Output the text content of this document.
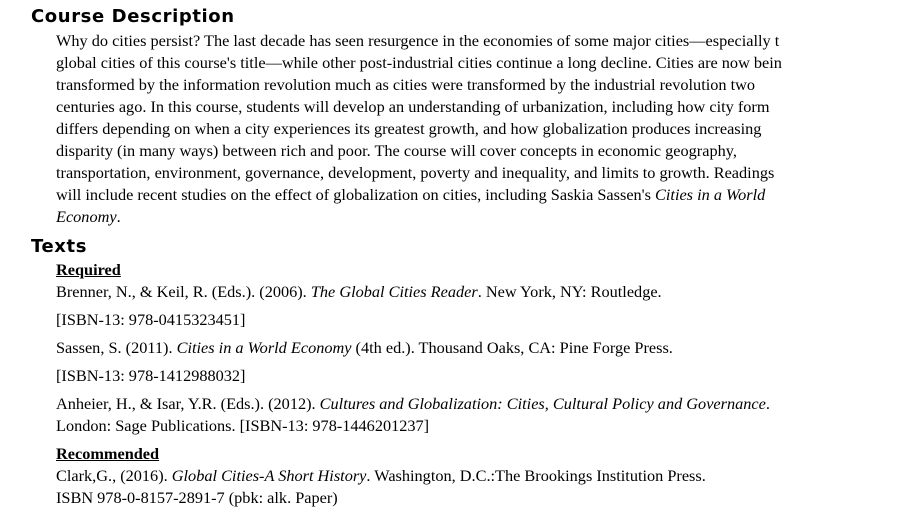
Course Description

Why do cities persist? The last decade has seen resurgence in the economies of some major cities—especially t
global cities of this course's title—while other post-industrial cities continue a long decline. Cities are now bein
transformed by the information revolution much as cities were transformed by the industrial revolution two
centuries ago. In this course, students will develop an understanding of urbanization, including how city form
differs depending on when a city experiences its greatest growth, and how globalization produces increasing
disparity (in many ways) between rich and poor. The course will cover concepts in economic geography,
transportation, environment, governance, development, poverty and inequality, and limits to growth. Readings
will include recent studies on the effect of globalization on cities, including Saskia Sassen's Cities in a World
Economy.

Texts
Required
Brenner, N., & Keil, R. (Eds.). (2006). The Global Cities Reader. New York, NY: Routledge.
[ISBN-13: 978-0415323451]
Sassen, S. (2011). Cities in a World Economy (4th ed.). Thousand Oaks, CA: Pine Forge Press.
[ISBN-13: 978-1412988032]
Anheier, H., & Isar, Y.R. (Eds.). (2012). Cultures and Globalization: Cities, Cultural Policy and Governance.
London: Sage Publications. [ISBN-13: 978-1446201237]
Recommended
Clark,G., (2016). Global Cities-A Short History. Washington, D.C.:The Brookings Institution Press.
ISBN 978-0-8157-2891-7 (pbk: alk. Paper)
